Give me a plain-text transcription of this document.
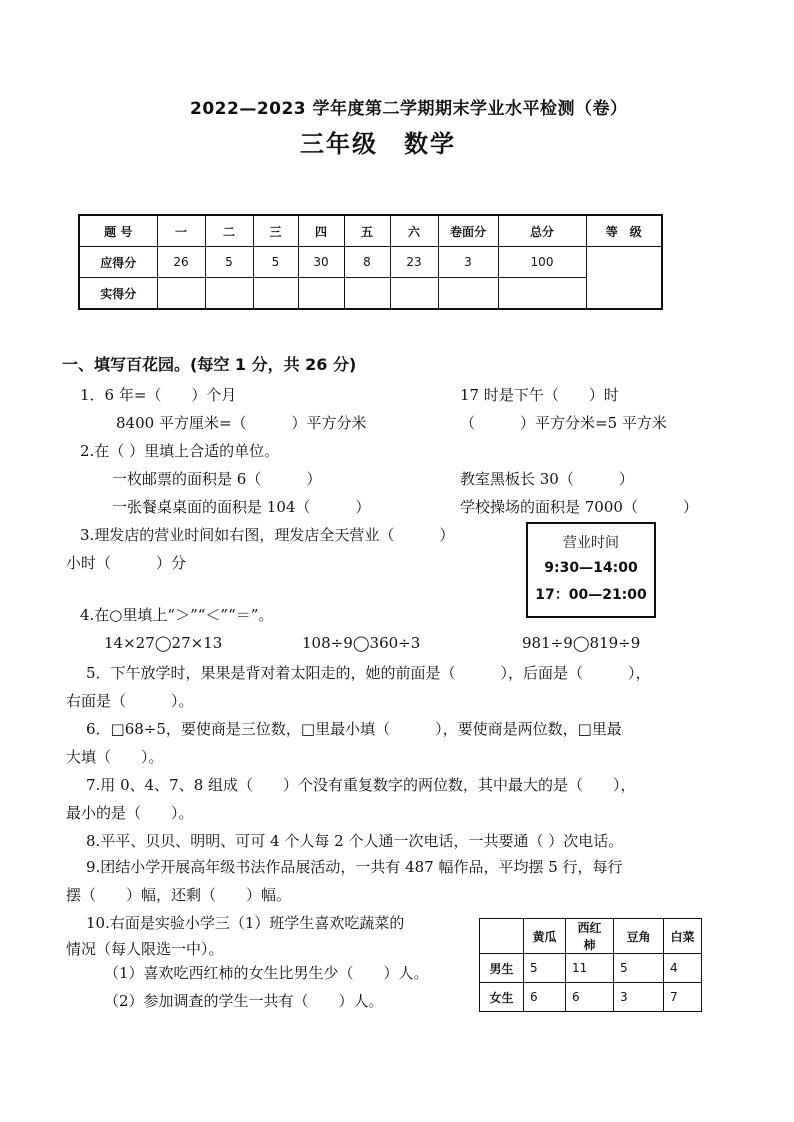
2022—2023 学年度第二学期期末学业水平检测（卷）
三年级　数学
题 号	一	二	三	四	五	六	卷面分	总分	等　级
应得分	26	5	5	30	8	23	3	100	
实得分									
一、填写百花园。(每空 1 分，共 26 分)
1．6 年=（　　）个月	17 时是下午（　　）时
8400 平方厘米=（　　　）平方分米	（　　　）平方分米=5 平方米
2.在（ ）里填上合适的单位。
一枚邮票的面积是 6（　　　）	教室黑板长 30（　　　）
一张餐桌桌面的面积是 104（　　　）	学校操场的面积是 7000（　　　）
3.理发店的营业时间如右图，理发店全天营业（　　　）
小时（　　　）分
营业时间
9:30—14:00
17：00—21:00
4.在○里填上“＞”“＜”“＝”。
14×27◯27×13	108÷9◯360÷3	981÷9◯819÷9
5．下午放学时，果果是背对着太阳走的，她的前面是（　　　），后面是（　　　），
右面是（　　　）。
6．□68÷5，要使商是三位数，□里最小填（　　　），要使商是两位数，□里最
大填（　　）。
7.用 0、4、7、8 组成（　　）个没有重复数字的两位数，其中最大的是（　　），
最小的是（　　）。
8.平平、贝贝、明明、可可 4 个人每 2 个人通一次电话，一共要通（ ）次电话。
9.团结小学开展高年级书法作品展活动，一共有 487 幅作品，平均摆 5 行，每行
摆（　　）幅，还剩（　　）幅。
10.右面是实验小学三（1）班学生喜欢吃蔬菜的
情况（每人限选一中）。
（1）喜欢吃西红柿的女生比男生少（　　）人。
（2）参加调查的学生一共有（　　）人。
	黄瓜	西红柿	豆角	白菜
男生	5	11	5	4
女生	6	6	3	7
